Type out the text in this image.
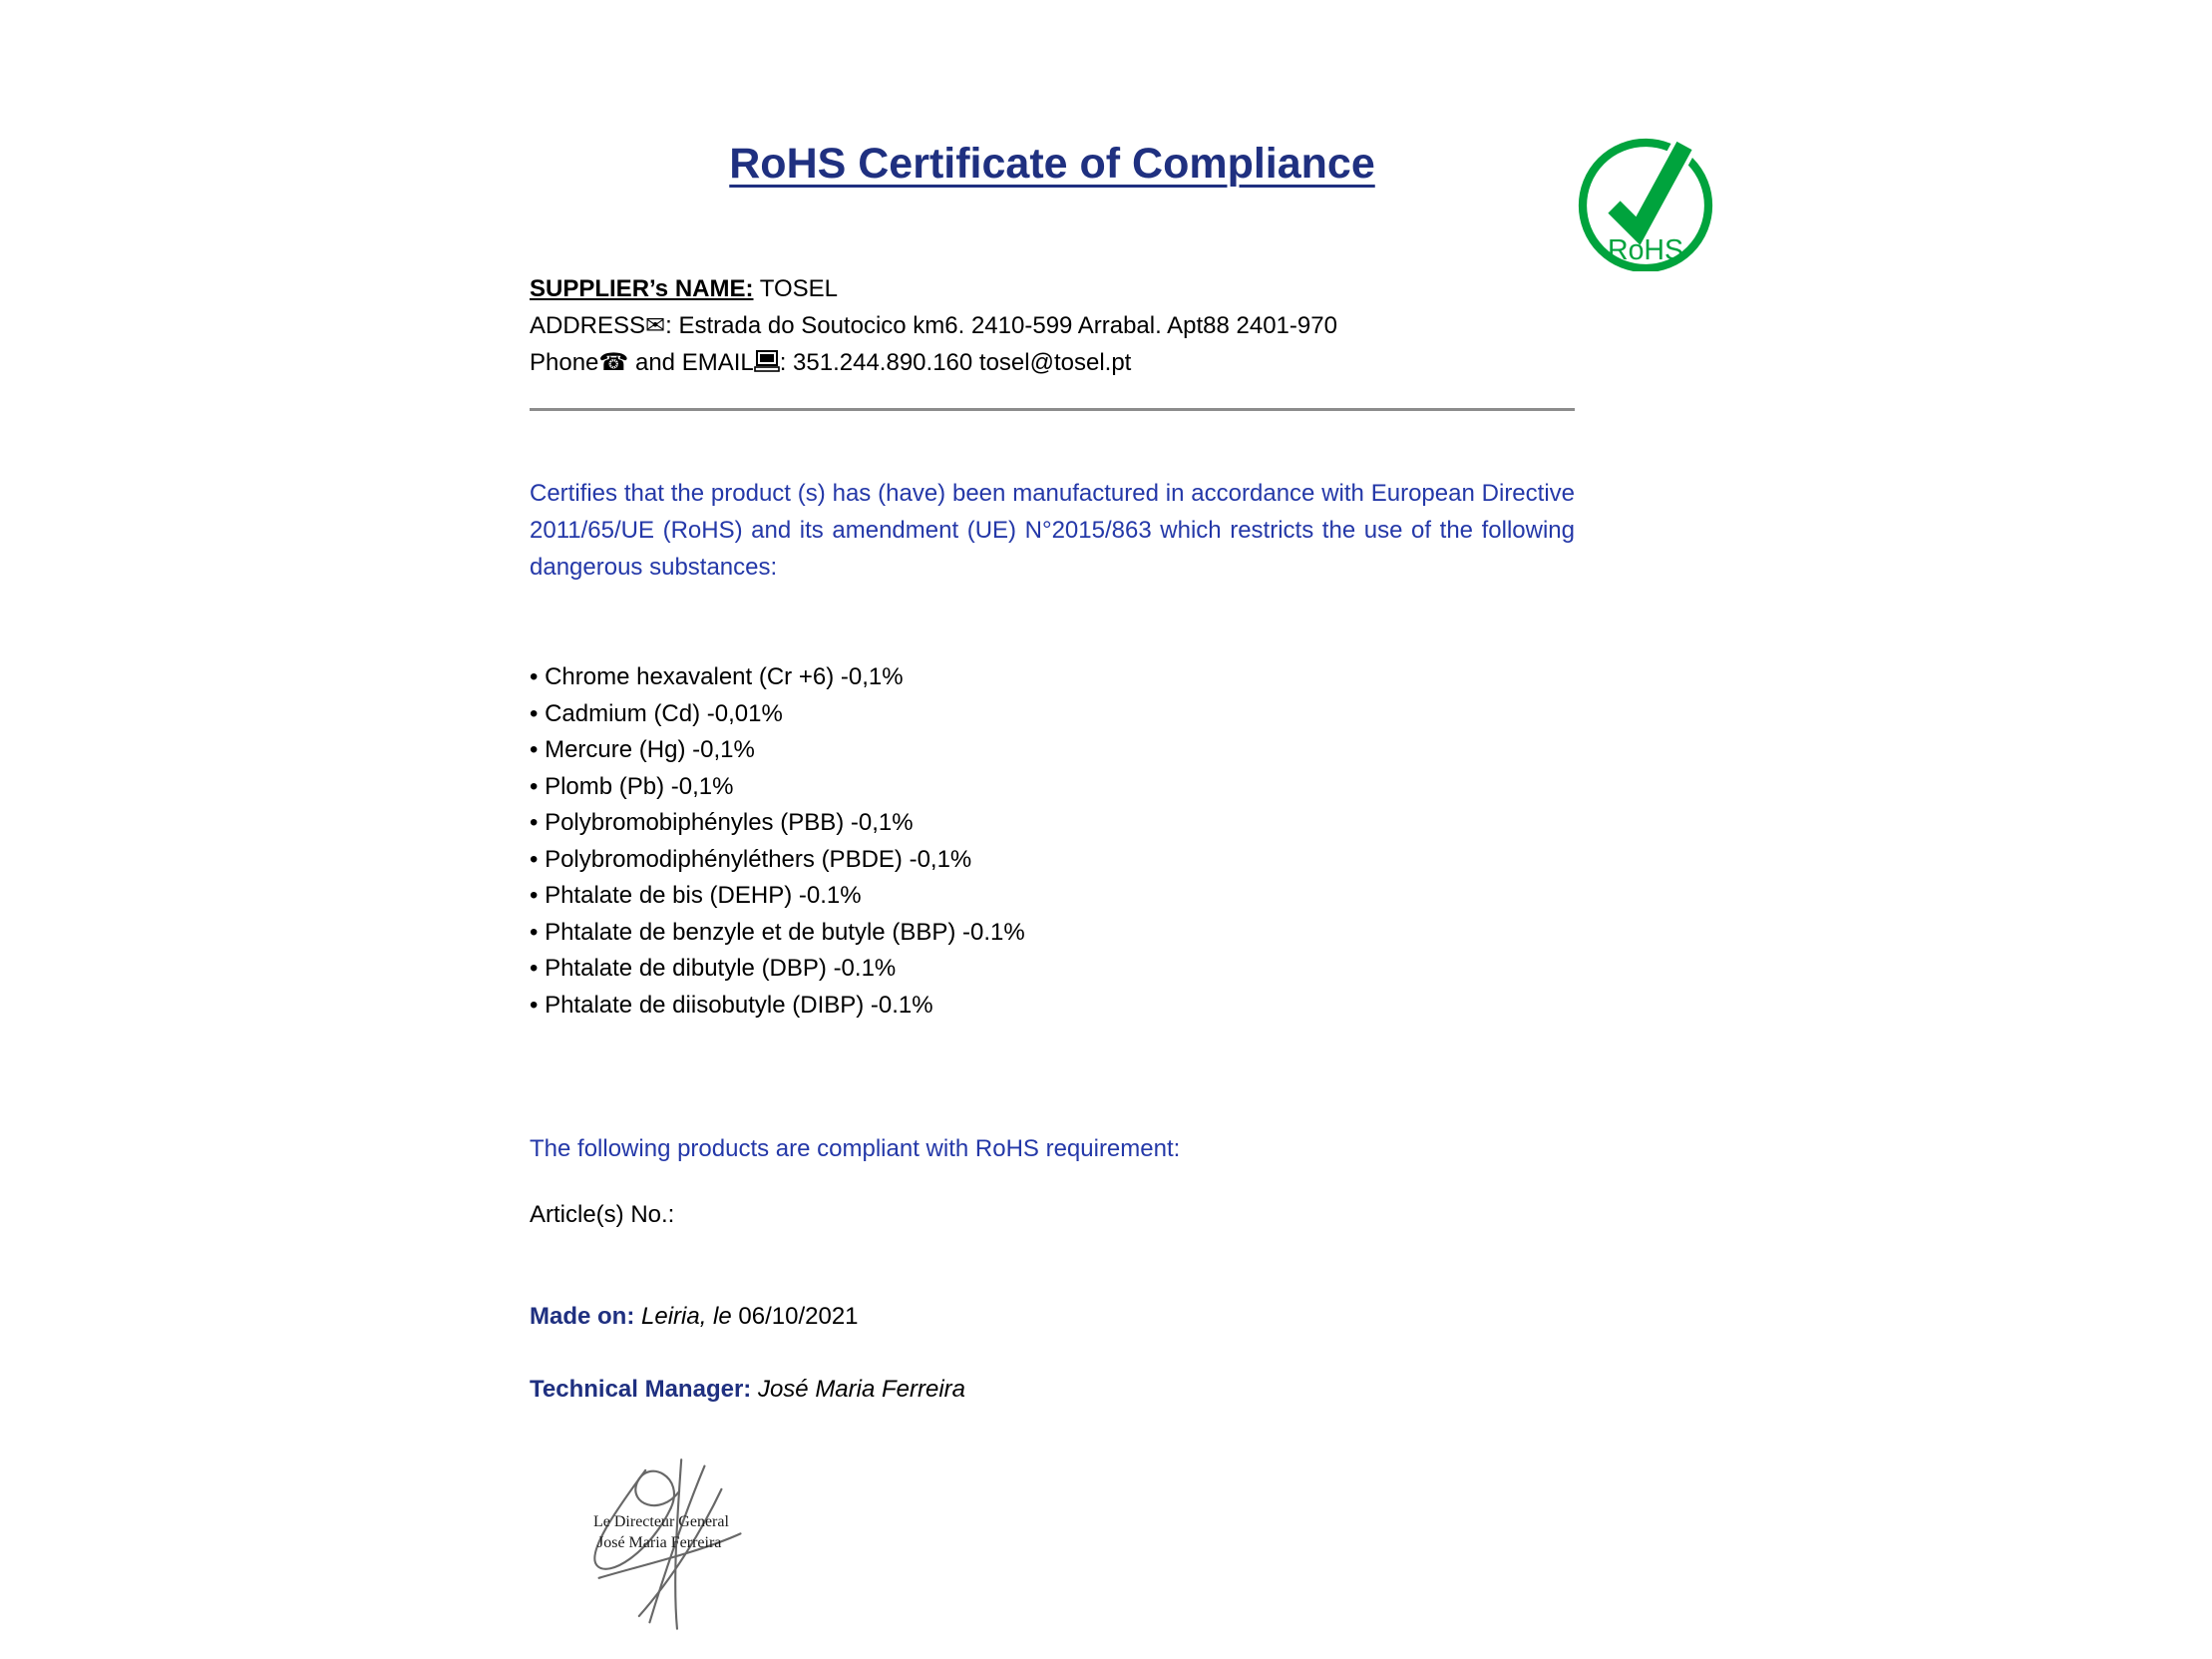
RoHS
RoHS Certificate of Compliance

SUPPLIER’s NAME: TOSEL

ADDRESS✉: Estrada do Soutocico km6. 2410-599 Arrabal. Apt88 2401-970

Phone☎ and EMAIL : 351.244.890.160 tosel@tosel.pt

Certifies that the product (s) has (have) been manufactured in accordance with European Directive 2011/65/UE (RoHS) and its amendment (UE) N°2015/863 which restricts the use of the following dangerous substances:

• Chrome hexavalent (Cr +6) -0,1%
• Cadmium (Cd) -0,01%
• Mercure (Hg) -0,1%
• Plomb (Pb) -0,1%
• Polybromobiphényles (PBB) -0,1%
• Polybromodiphényléthers (PBDE) -0,1%
• Phtalate de bis (DEHP) -0.1%
• Phtalate de benzyle et de butyle (BBP) -0.1%
• Phtalate de dibutyle (DBP) -0.1%
• Phtalate de diisobutyle (DIBP) -0.1%

The following products are compliant with RoHS requirement:

Article(s) No.:

Made on: Leiria, le 06/10/2021

Technical Manager: José Maria Ferreira

Le Directeur General
José Maria Ferreira
